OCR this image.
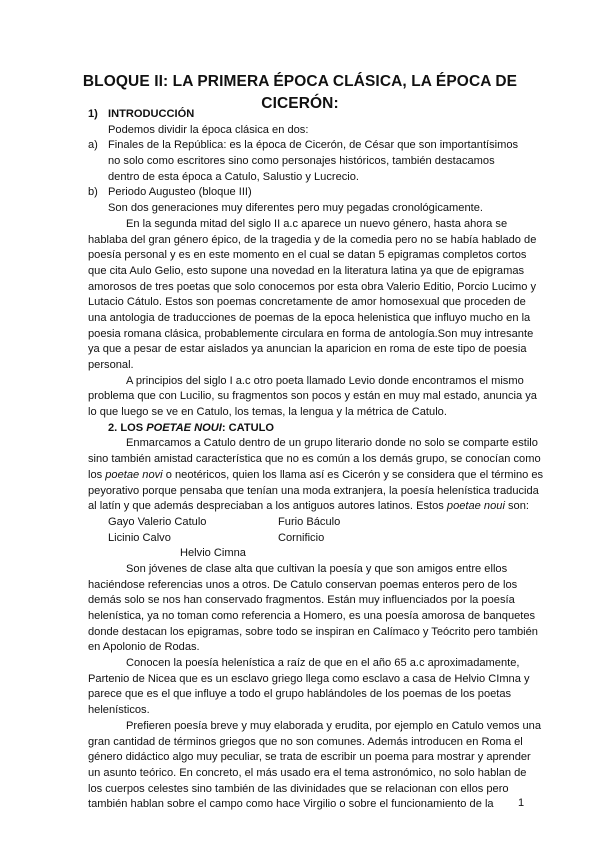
BLOQUE II: LA PRIMERA ÉPOCA CLÁSICA, LA ÉPOCA DE
CICERÓN:
1) INTRODUCCIÓN
Podemos dividir la época clásica en dos:
a) Finales de la República: es la época de Cicerón, de César que son importantísimos
no solo como escritores sino como personajes históricos, también destacamos
dentro de esta época a Catulo, Salustio y Lucrecio.
b) Periodo Augusteo (bloque III)
Son dos generaciones muy diferentes pero muy pegadas cronológicamente.
En la segunda mitad del siglo II a.c aparece un nuevo género, hasta ahora se
hablaba del gran género épico, de la tragedia y de la comedia pero no se había hablado de
poesía personal y es en este momento en el cual se datan 5 epigramas completos cortos
que cita Aulo Gelio, esto supone una novedad en la literatura latina ya que de epigramas
amorosos de tres poetas que solo conocemos por esta obra Valerio Editio, Porcio Lucimo y
Lutacio Cátulo. Estos son poemas concretamente de amor homosexual que proceden de
una antologia de traducciones de poemas de la epoca helenistica que influyo mucho en la
poesia romana clásica, probablemente circulara en forma de antología.Son muy intresante
ya que a pesar de estar aislados ya anuncian la aparicion en roma de este tipo de poesia
personal.
A principios del siglo I a.c otro poeta llamado Levio donde encontramos el mismo
problema que con Lucilio, su fragmentos son pocos y están en muy mal estado, anuncia ya
lo que luego se ve en Catulo, los temas, la lengua y la métrica de Catulo.
2. LOS POETAE NOUI: CATULO
Enmarcamos a Catulo dentro de un grupo literario donde no solo se comparte estilo
sino también amistad característica que no es común a los demás grupo, se conocían como
los poetae novi o neotéricos, quien los llama así es Cicerón y se considera que el término es
peyorativo porque pensaba que tenían una moda extranjera, la poesía helenística traducida
al latín y que además despreciaban a los antiguos autores latinos. Estos poetae noui son:
Gayo Valerio Catulo	Furio Báculo
Licinio Calvo	Cornificio
Helvio Cimna
Son jóvenes de clase alta que cultivan la poesía y que son amigos entre ellos
haciéndose referencias unos a otros. De Catulo conservan poemas enteros pero de los
demás solo se nos han conservado fragmentos. Están muy influenciados por la poesía
helenística, ya no toman como referencia a Homero, es una poesía amorosa de banquetes
donde destacan los epigramas, sobre todo se inspiran en Calímaco y Teócrito pero también
en Apolonio de Rodas.
Conocen la poesía helenística a raíz de que en el año 65 a.c aproximadamente,
Partenio de Nicea que es un esclavo griego llega como esclavo a casa de Helvio CImna y
parece que es el que influye a todo el grupo hablándoles de los poemas de los poetas
helenísticos.
Prefieren poesía breve y muy elaborada y erudita, por ejemplo en Catulo vemos una
gran cantidad de términos griegos que no son comunes. Además introducen en Roma el
género didáctico algo muy peculiar, se trata de escribir un poema para mostrar y aprender
un asunto teórico. En concreto, el más usado era el tema astronómico, no solo hablan de
los cuerpos celestes sino también de las divinidades que se relacionan con ellos pero
también hablan sobre el campo como hace Virgilio o sobre el funcionamiento de la	1
